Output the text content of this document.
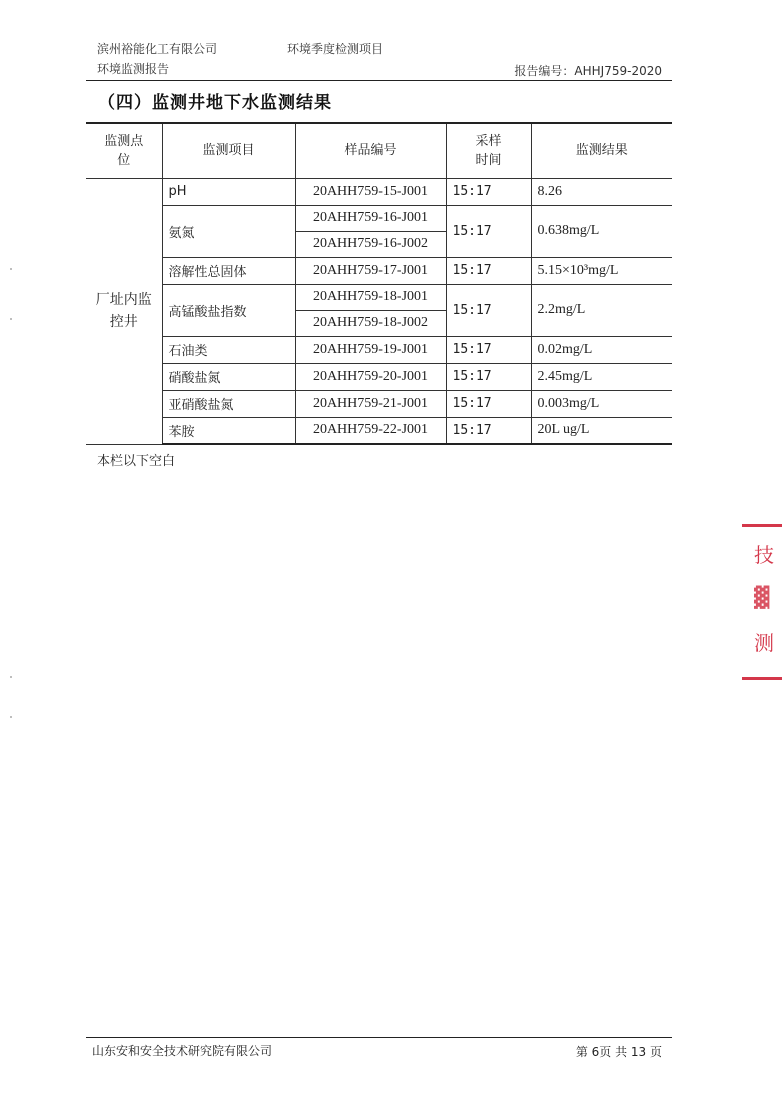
滨州裕能化工有限公司	环境季度检测项目
环境监测报告	报告编号：AHHJ759-2020
（四）监测井地下水监测结果
监测点位	监测项目	样品编号	采样时间	监测结果

厂址内监控井	pH	20AHH759-15-J001	15:17	8.26
	氨氮	20AHH759-16-J001	15:17	0.638mg/L
		20AHH759-16-J002		
	溶解性总固体	20AHH759-17-J001	15:17	5.15×10³mg/L
	高锰酸盐指数	20AHH759-18-J001	15:17	2.2mg/L
		20AHH759-18-J002		
	石油类	20AHH759-19-J001	15:17	0.02mg/L
	硝酸盐氮	20AHH759-20-J001	15:17	2.45mg/L
	亚硝酸盐氮	20AHH759-21-J001	15:17	0.003mg/L
	苯胺	20AHH759-22-J001	15:17	20L ug/L
本栏以下空白
山东安和安全技术研究院有限公司	第 6页 共 13 页
技
▓
测
